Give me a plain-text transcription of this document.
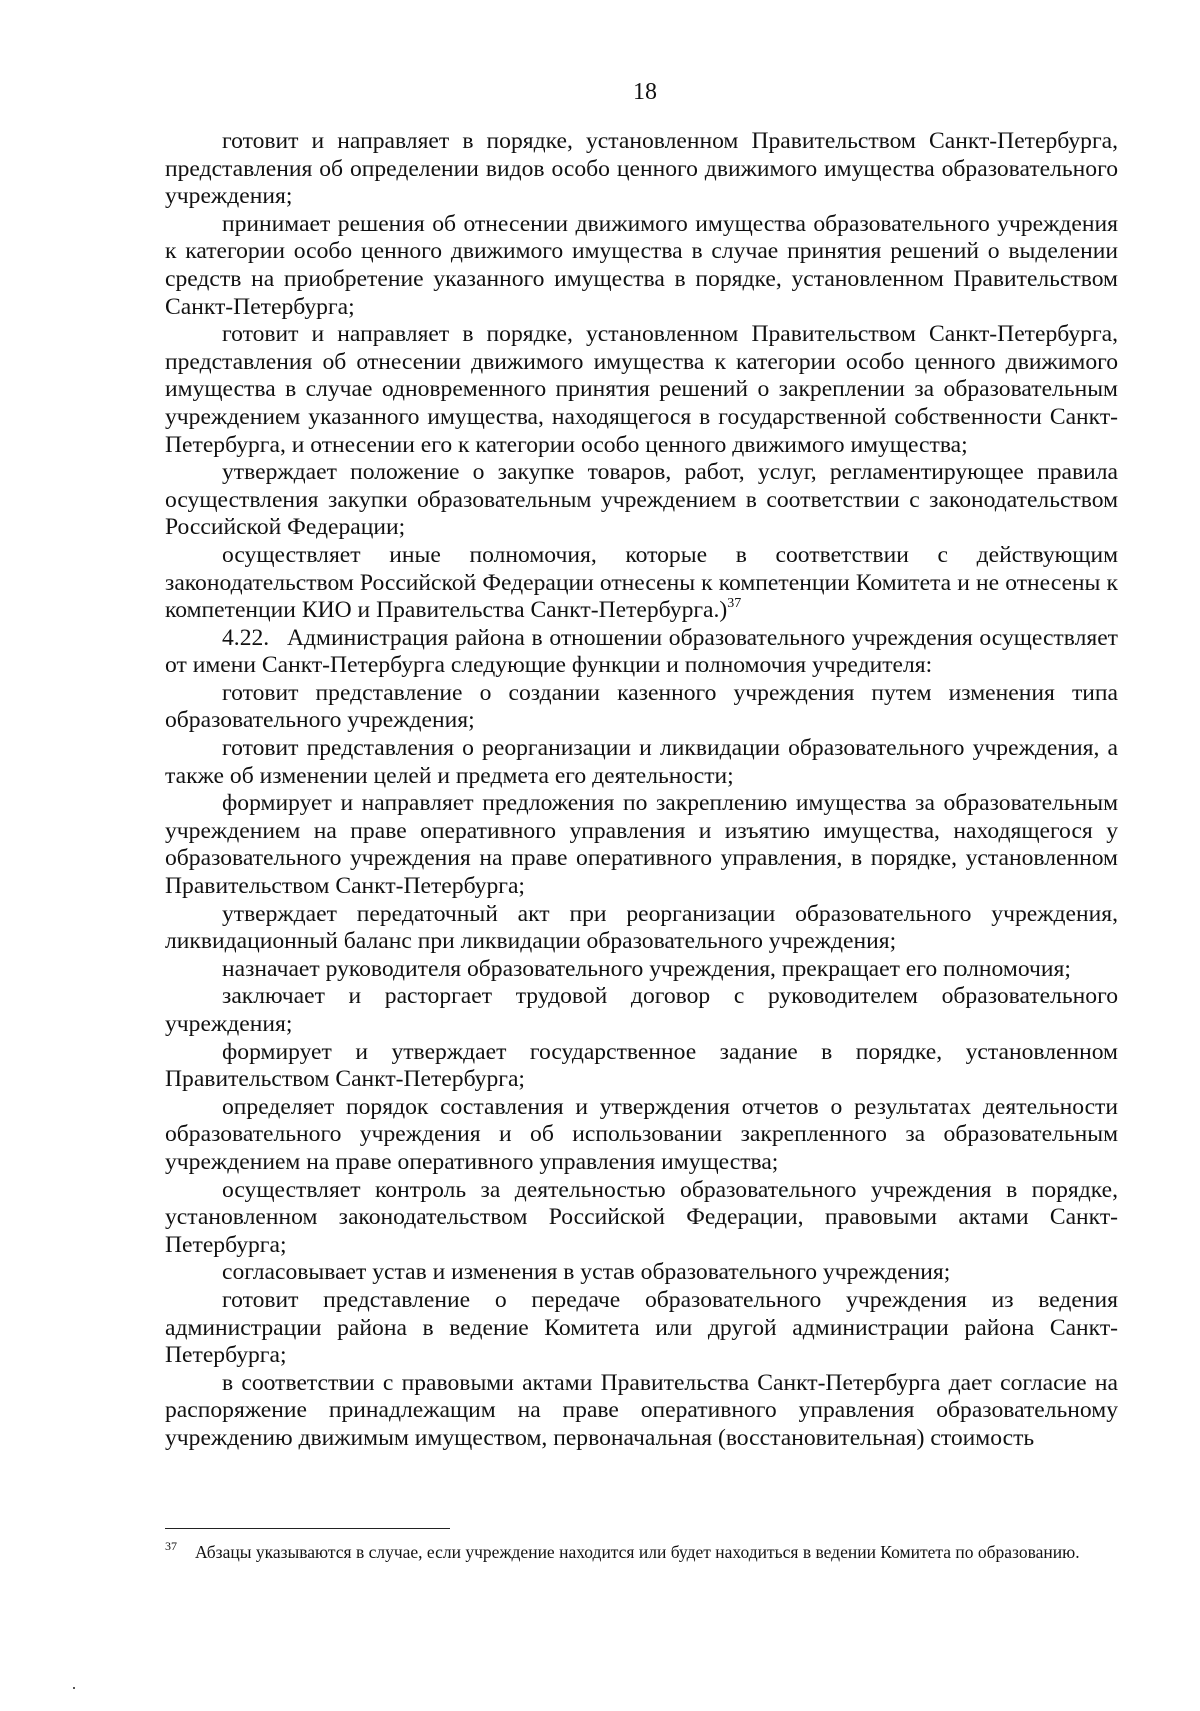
18

готовит и направляет в порядке, установленном Правительством Санкт-Петербурга, представления об определении видов особо ценного движимого имущества образовательного учреждения;

принимает решения об отнесении движимого имущества образовательного учреждения к категории особо ценного движимого имущества в случае принятия решений о выделении средств на приобретение указанного имущества в порядке, установленном Правительством Санкт-Петербурга;

готовит и направляет в порядке, установленном Правительством Санкт-Петербурга, представления об отнесении движимого имущества к категории особо ценного движимого имущества в случае одновременного принятия решений о закреплении за образовательным учреждением указанного имущества, находящегося в государственной собственности Санкт-Петербурга, и отнесении его к категории особо ценного движимого имущества;

утверждает положение о закупке товаров, работ, услуг, регламентирующее правила осуществления закупки образовательным учреждением в соответствии с законодательством Российской Федерации;

осуществляет иные полномочия, которые в соответствии с действующим законодательством Российской Федерации отнесены к компетенции Комитета и не отнесены к компетенции КИО и Правительства Санкт-Петербурга.)$^{37}$

4.22. Администрация района в отношении образовательного учреждения осуществляет от имени Санкт-Петербурга следующие функции и полномочия учредителя:

готовит представление о создании казенного учреждения путем изменения типа образовательного учреждения;

готовит представления о реорганизации и ликвидации образовательного учреждения, а также об изменении целей и предмета его деятельности;

формирует и направляет предложения по закреплению имущества за образовательным учреждением на праве оперативного управления и изъятию имущества, находящегося у образовательного учреждения на праве оперативного управления, в порядке, установленном Правительством Санкт-Петербурга;

утверждает передаточный акт при реорганизации образовательного учреждения, ликвидационный баланс при ликвидации образовательного учреждения;

назначает руководителя образовательного учреждения, прекращает его полномочия;

заключает и расторгает трудовой договор с руководителем образовательного учреждения;

формирует и утверждает государственное задание в порядке, установленном Правительством Санкт-Петербурга;

определяет порядок составления и утверждения отчетов о результатах деятельности образовательного учреждения и об использовании закрепленного за образовательным учреждением на праве оперативного управления имущества;

осуществляет контроль за деятельностью образовательного учреждения в порядке, установленном законодательством Российской Федерации, правовыми актами Санкт-Петербурга;

согласовывает устав и изменения в устав образовательного учреждения;

готовит представление о передаче образовательного учреждения из ведения администрации района в ведение Комитета или другой администрации района Санкт-Петербурга;

в соответствии с правовыми актами Правительства Санкт-Петербурга дает согласие на распоряжение принадлежащим на праве оперативного управления образовательному учреждению движимым имуществом, первоначальная (восстановительная) стоимость

37 Абзацы указываются в случае, если учреждение находится или будет находиться в ведении Комитета по образованию.
